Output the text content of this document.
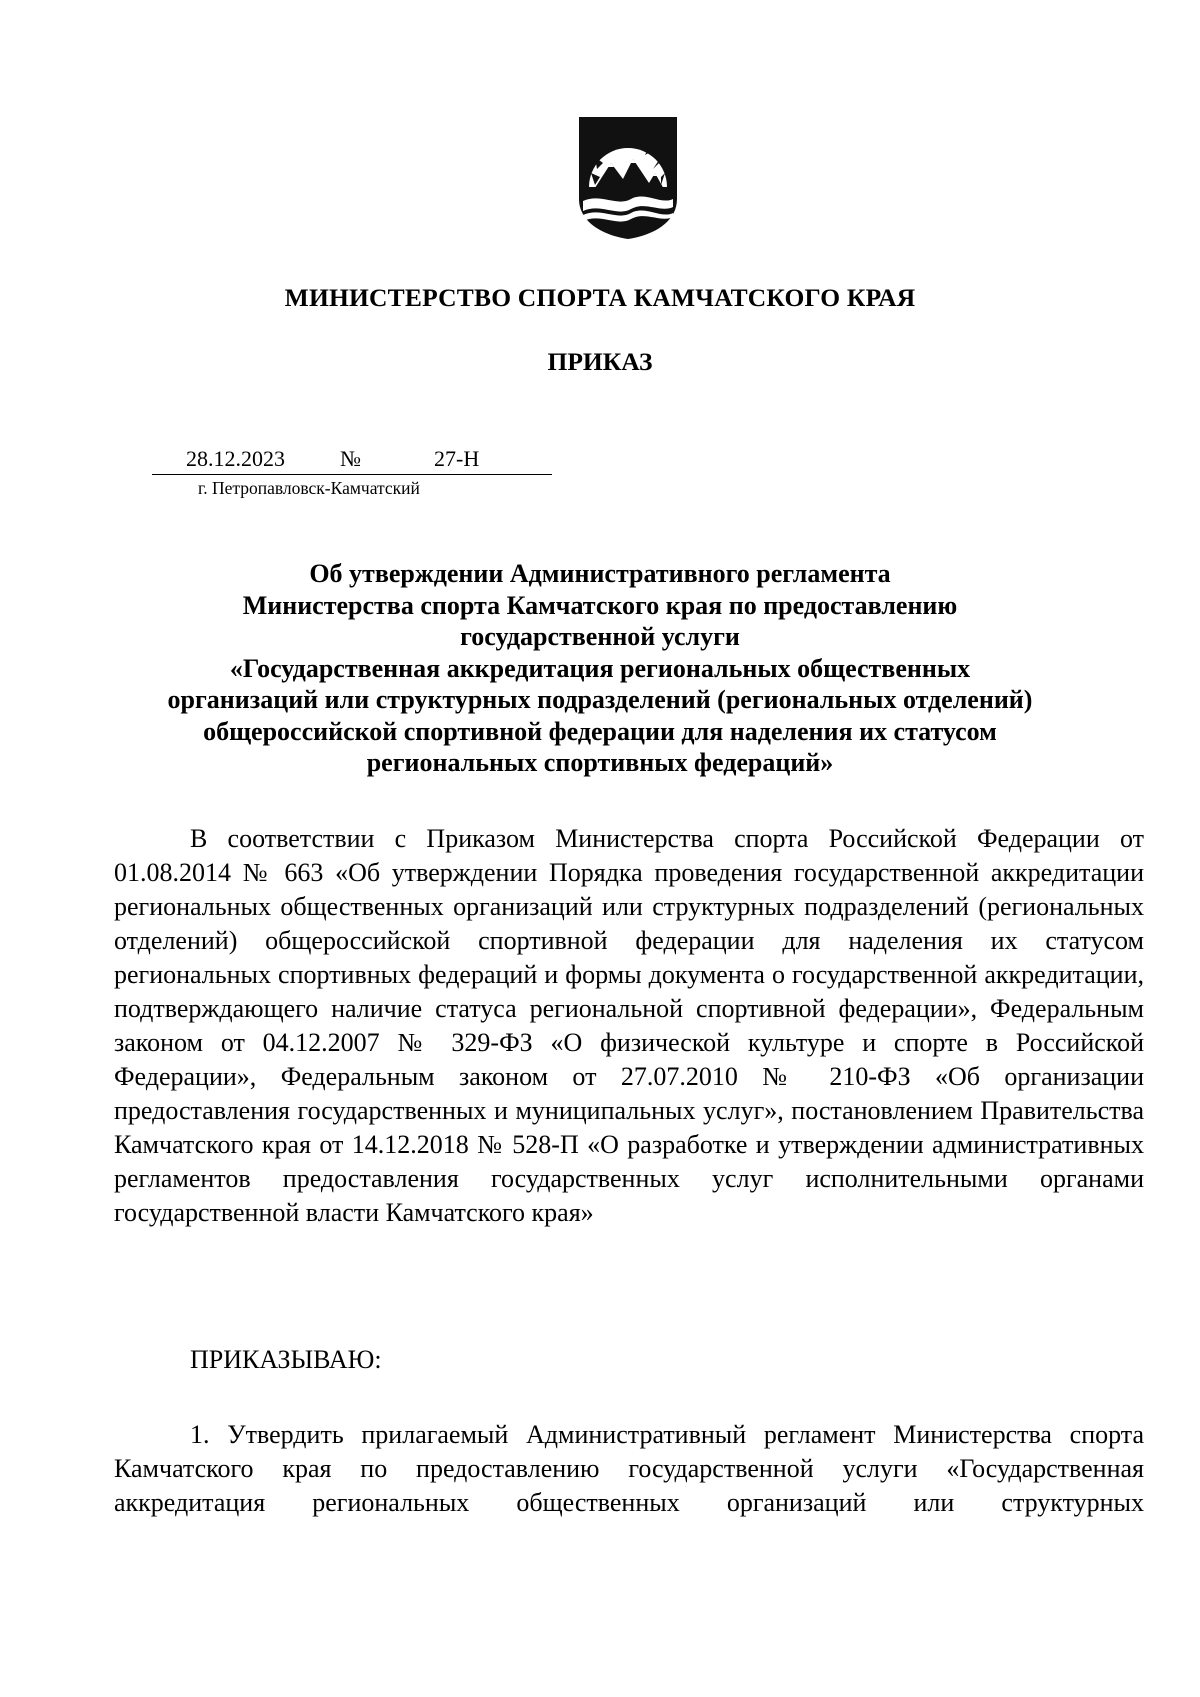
МИНИСТЕРСТВО СПОРТА КАМЧАТСКОГО КРАЯ
ПРИКАЗ
28.12.2023	№	27-Н
г. Петропавловск-Камчатский
Об утверждении Административного регламента
Министерства спорта Камчатского края по предоставлению
государственной услуги
«Государственная аккредитация региональных общественных
организаций или структурных подразделений (региональных отделений)
общероссийской спортивной федерации для наделения их статусом
региональных спортивных федераций»
В соответствии с Приказом Министерства спорта Российской Федерации от 01.08.2014 № 663 «Об утверждении Порядка проведения государственной аккредитации региональных общественных организаций или структурных подразделений (региональных отделений) общероссийской спортивной федерации для наделения их статусом региональных спортивных федераций и формы документа о государственной аккредитации, подтверждающего наличие статуса региональной спортивной федерации», Федеральным законом от 04.12.2007 № 329-ФЗ «О физической культуре и спорте в Российской Федерации», Федеральным законом от 27.07.2010 № 210-ФЗ «Об организации предоставления государственных и муниципальных услуг», постановлением Правительства Камчатского края от 14.12.2018 № 528-П «О разработке и утверждении административных регламентов предоставления государственных услуг исполнительными органами государственной власти Камчатского края»
ПРИКАЗЫВАЮ:
1. Утвердить прилагаемый Административный регламент Министерства спорта Камчатского края по предоставлению государственной услуги «Государственная аккредитация региональных общественных организаций или структурных
